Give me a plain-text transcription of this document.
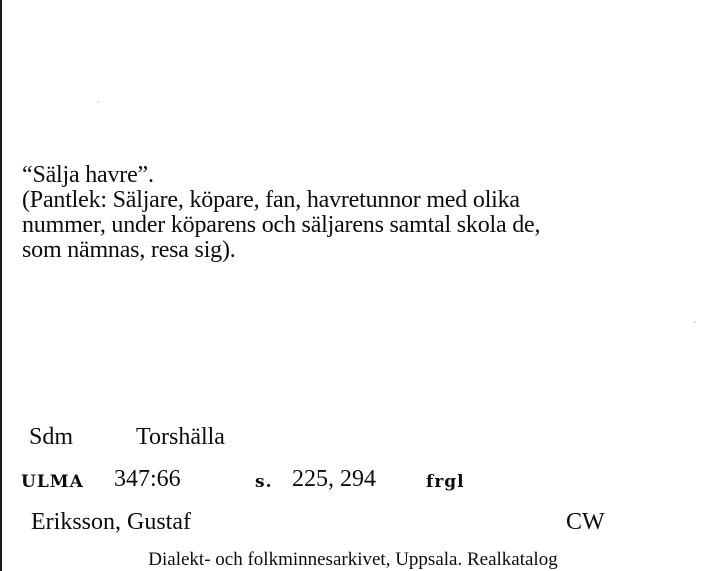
“Sälja havre”.
(Pantlek: Säljare, köpare, fan, havretunnor med olika
nummer, under köparens och säljarens samtal skola de,
som nämnas, resa sig).
Sdm	Torshälla
ULMA 347:66	s. 225, 294	frgl
Eriksson, Gustaf	CW
Dialekt- och folkminnesarkivet, Uppsala. Realkatalog
